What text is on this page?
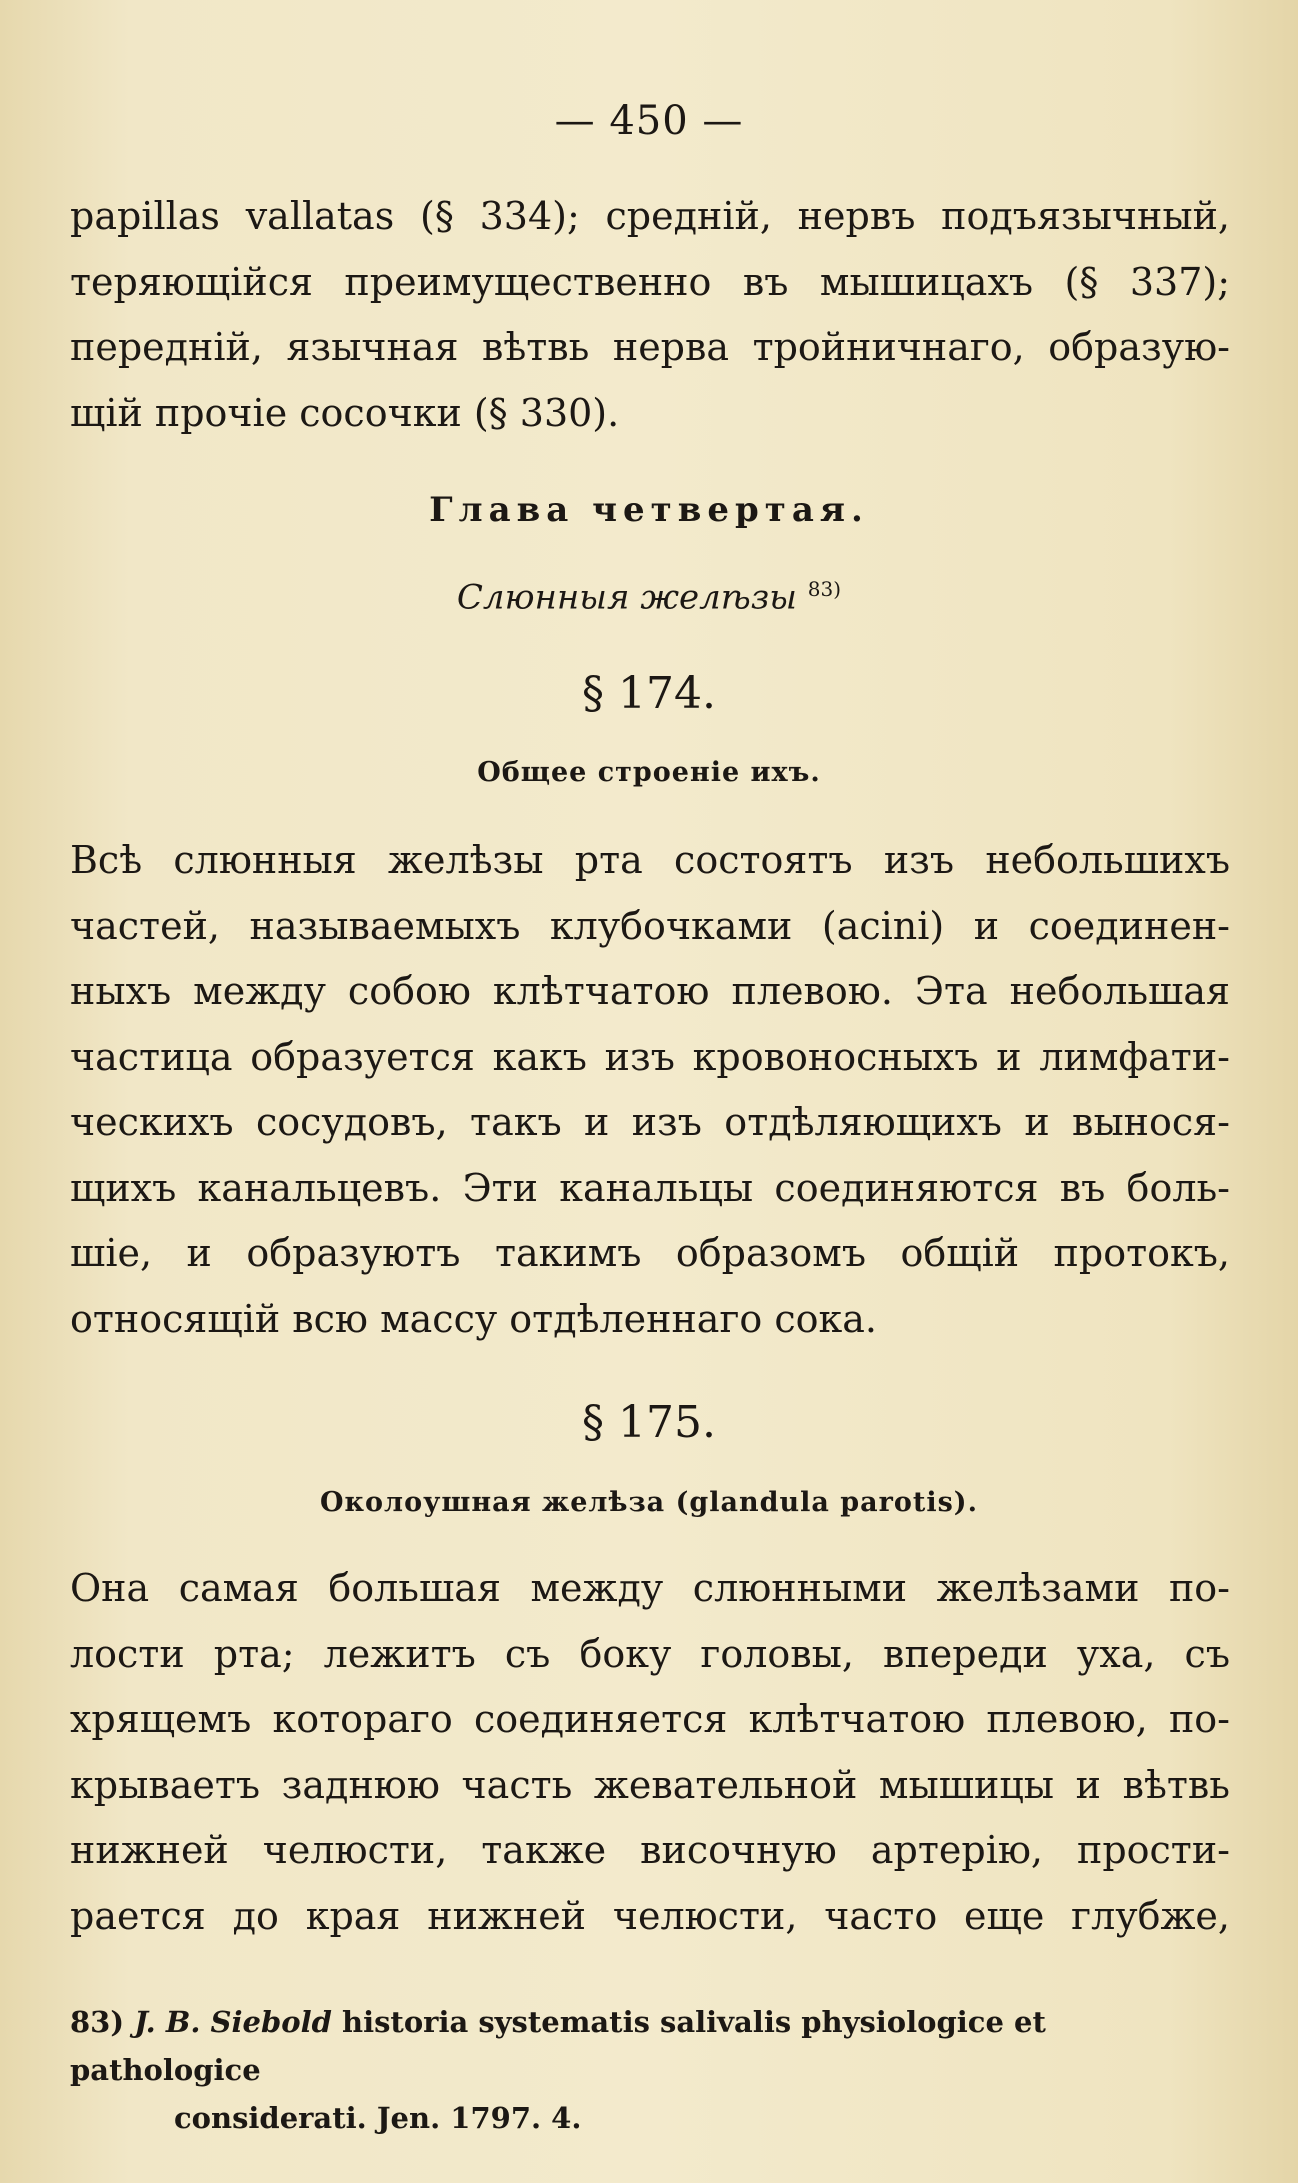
— 450 —
papillas vallatas (§ 334); средній, нервъ подъязычный,
теряющійся преимущественно въ мышицахъ (§ 337);
передній, язычная вѣтвь нерва тройничнаго, образую-
щій прочіе сосочки (§ 330).
Глава четвертая.
Слюнныя желѣзы $^{83)}$
§ 174.
Общее строеніе ихъ.
Всѣ слюнныя желѣзы рта состоятъ изъ небольшихъ
частей, называемыхъ клубочками (acini) и соединен-
ныхъ между собою клѣтчатою плевою. Эта небольшая
частица образуется какъ изъ кровоносныхъ и лимфати-
ческихъ сосудовъ, такъ и изъ отдѣляющихъ и вынося-
щихъ канальцевъ. Эти канальцы соединяются въ боль-
шіе, и образуютъ такимъ образомъ общій протокъ,
относящій всю массу отдѣленнаго сока.
§ 175.
Околоушная желѣза (glandula parotis).
Она самая большая между слюнными желѣзами по-
лости рта; лежитъ съ боку головы, впереди уха, съ
хрящемъ котораго соединяется клѣтчатою плевою, по-
крываетъ заднюю часть жевательной мышицы и вѣтвь
нижней челюсти, также височную артерію, прости-
рается до края нижней челюсти, часто еще глубже,
83) J. B. Siebold historia systematis salivalis physiologice et pathologice
considerati. Jen. 1797. 4.
